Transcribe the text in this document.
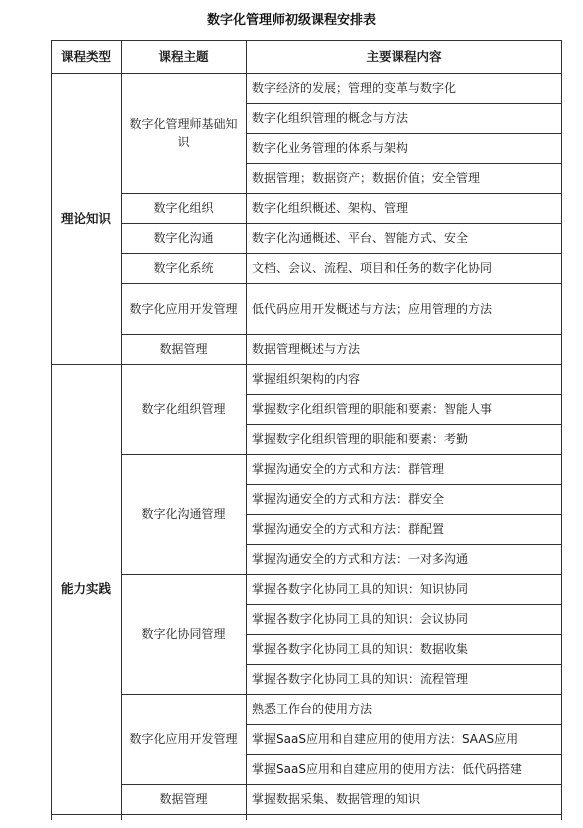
数字化管理师初级课程安排表
课程类型	课程主题	主要课程内容
数字经济的发展；管理的变革与数字化
数字化组织管理的概念与方法
数字化业务管理的体系与架构
数据管理；数据资产；数据价值；安全管理
数字化管理师基础知识
数字化组织概述、架构、管理
数字化组织
数字化沟通概述、平台、智能方式、安全
数字化沟通
文档、会议、流程、项目和任务的数字化协同
数字化系统
低代码应用开发概述与方法；应用管理的方法
数字化应用开发管理
数据管理概述与方法
数据管理
理论知识
掌握组织架构的内容
掌握数字化组织管理的职能和要素：智能人事
掌握数字化组织管理的职能和要素：考勤
数字化组织管理
掌握沟通安全的方式和方法：群管理
掌握沟通安全的方式和方法：群安全
掌握沟通安全的方式和方法：群配置
掌握沟通安全的方式和方法：一对多沟通
数字化沟通管理
掌握各数字化协同工具的知识：知识协同
掌握各数字化协同工具的知识：会议协同
掌握各数字化协同工具的知识：数据收集
掌握各数字化协同工具的知识：流程管理
数字化协同管理
熟悉工作台的使用方法
掌握SaaS应用和自建应用的使用方法：SAAS应用
掌握SaaS应用和自建应用的使用方法：低代码搭建
数字化应用开发管理
掌握数据采集、数据管理的知识
数据管理
能力实践
